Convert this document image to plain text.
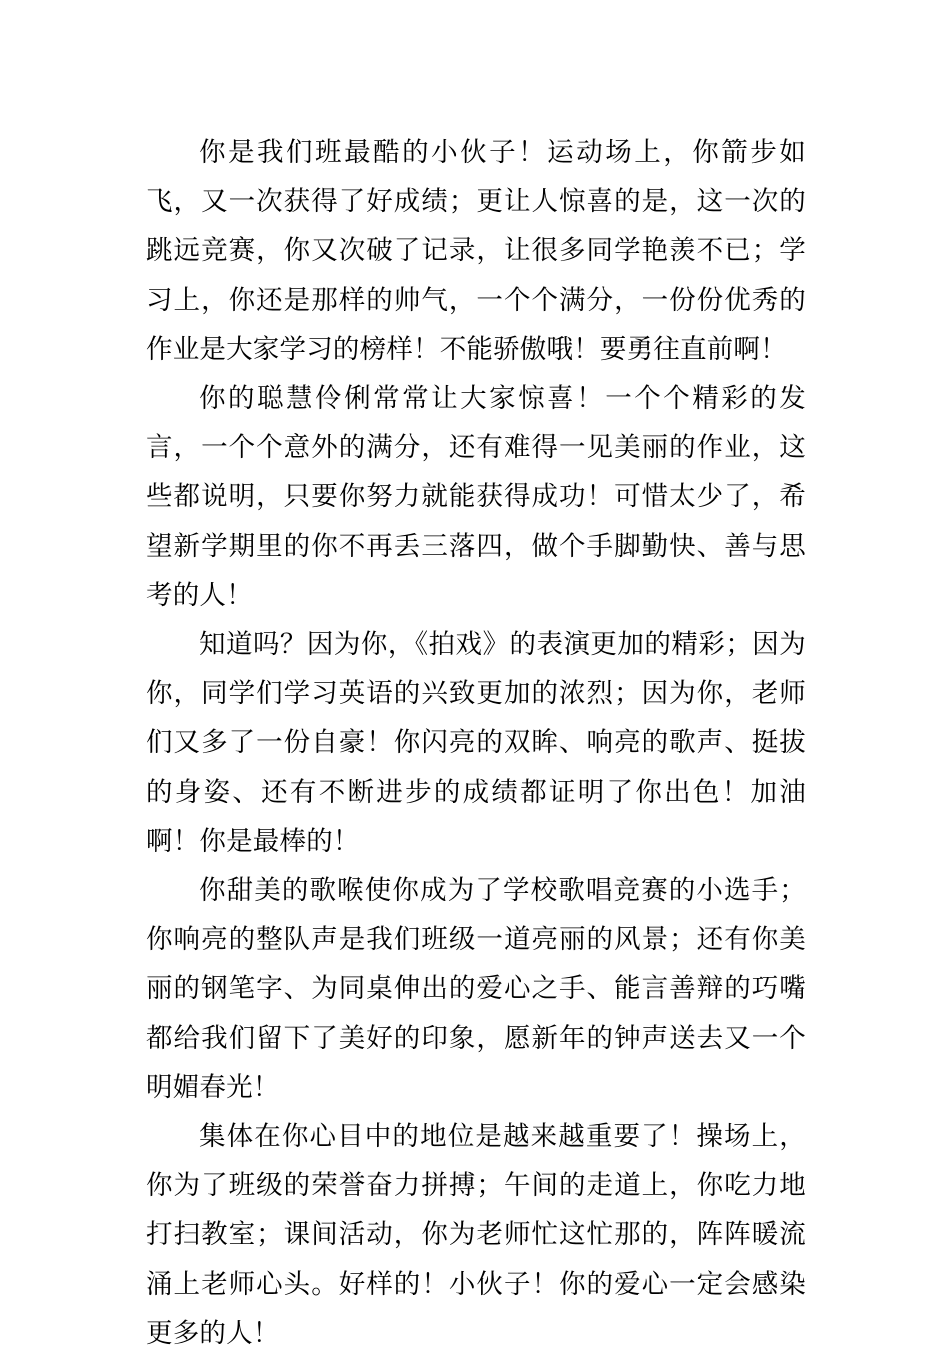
你是我们班最酷的小伙子！运动场上，你箭步如飞，又一次获得了好成绩；更让人惊喜的是，这一次的跳远竞赛，你又次破了记录，让很多同学艳羡不已；学习上，你还是那样的帅气，一个个满分，一份份优秀的作业是大家学习的榜样！不能骄傲哦！要勇往直前啊！

你的聪慧伶俐常常让大家惊喜！一个个精彩的发言，一个个意外的满分，还有难得一见美丽的作业，这些都说明，只要你努力就能获得成功！可惜太少了，希望新学期里的你不再丢三落四，做个手脚勤快、善与思考的人！

知道吗？因为你，《拍戏》的表演更加的精彩；因为你，同学们学习英语的兴致更加的浓烈；因为你，老师们又多了一份自豪！你闪亮的双眸、响亮的歌声、挺拔的身姿、还有不断进步的成绩都证明了你出色！加油啊！你是最棒的！

你甜美的歌喉使你成为了学校歌唱竞赛的小选手；你响亮的整队声是我们班级一道亮丽的风景；还有你美丽的钢笔字、为同桌伸出的爱心之手、能言善辩的巧嘴都给我们留下了美好的印象，愿新年的钟声送去又一个明媚春光！

集体在你心目中的地位是越来越重要了！操场上，你为了班级的荣誉奋力拼搏；午间的走道上，你吃力地打扫教室；课间活动，你为老师忙这忙那的，阵阵暖流涌上老师心头。好样的！小伙子！你的爱心一定会感染更多的人！
